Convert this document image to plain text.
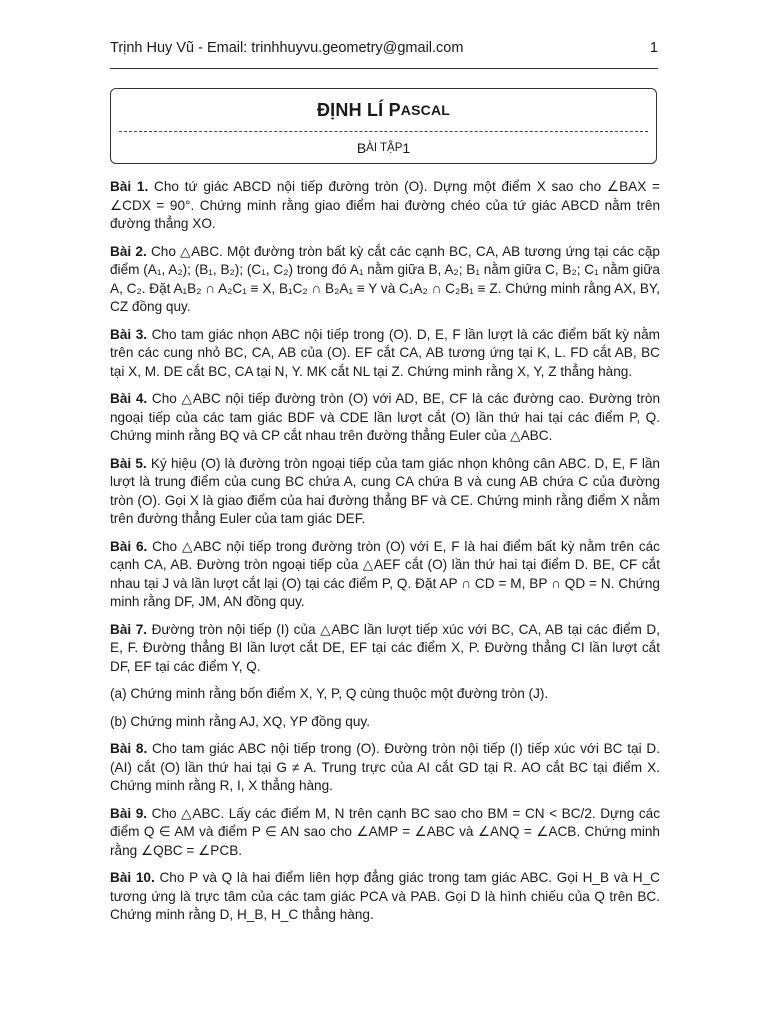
Trịnh Huy Vũ - Email: trinhhuyvu.geometry@gmail.com	1
ĐỊNH LÍ P ASCAL
B ÀI TẬP 1

Bài 1. Cho tứ giác ABCD nội tiếp đường tròn (O). Dựng một điểm X sao cho ∠BAX = ∠CDX = 90°. Chứng minh rằng giao điểm hai đường chéo của tứ giác ABCD nằm trên đường thẳng XO.

Bài 2. Cho △ABC. Một đường tròn bất kỳ cắt các cạnh BC, CA, AB tương ứng tại các cặp điểm (A₁, A₂); (B₁, B₂); (C₁, C₂) trong đó A₁ nằm giữa B, A₂; B₁ nằm giữa C, B₂; C₁ nằm giữa A, C₂. Đặt A₁B₂ ∩ A₂C₁ ≡ X, B₁C₂ ∩ B₂A₁ ≡ Y và C₁A₂ ∩ C₂B₁ ≡ Z. Chứng minh rằng AX, BY, CZ đồng quy.

Bài 3. Cho tam giác nhọn ABC nội tiếp trong (O). D, E, F lần lượt là các điểm bất kỳ nằm trên các cung nhỏ BC, CA, AB của (O). EF cắt CA, AB tương ứng tại K, L. FD cắt AB, BC tại X, M. DE cắt BC, CA tại N, Y. MK cắt NL tại Z. Chứng minh rằng X, Y, Z thẳng hàng.

Bài 4. Cho △ABC nội tiếp đường tròn (O) với AD, BE, CF là các đường cao. Đường tròn ngoại tiếp của các tam giác BDF và CDE lần lượt cắt (O) lần thứ hai tại các điểm P, Q. Chứng minh rằng BQ và CP cắt nhau trên đường thẳng Euler của △ABC.

Bài 5. Ký hiệu (O) là đường tròn ngoại tiếp của tam giác nhọn không cân ABC. D, E, F lần lượt là trung điểm của cung BC chứa A, cung CA chứa B và cung AB chứa C của đường tròn (O). Gọi X là giao điểm của hai đường thẳng BF và CE. Chứng minh rằng điểm X nằm trên đường thẳng Euler của tam giác DEF.

Bài 6. Cho △ABC nội tiếp trong đường tròn (O) với E, F là hai điểm bất kỳ nằm trên các cạnh CA, AB. Đường tròn ngoại tiếp của △AEF cắt (O) lần thứ hai tại điểm D. BE, CF cắt nhau tại J và lần lượt cắt lại (O) tại các điểm P, Q. Đặt AP ∩ CD = M, BP ∩ QD = N. Chứng minh rằng DF, JM, AN đồng quy.

Bài 7. Đường tròn nội tiếp (I) của △ABC lần lượt tiếp xúc với BC, CA, AB tại các điểm D, E, F. Đường thẳng BI lần lượt cắt DE, EF tại các điểm X, P. Đường thẳng CI lần lượt cắt DF, EF tại các điểm Y, Q.

(a) Chứng minh rằng bốn điểm X, Y, P, Q cùng thuộc một đường tròn (J).

(b) Chứng minh rằng AJ, XQ, YP đồng quy.

Bài 8. Cho tam giác ABC nội tiếp trong (O). Đường tròn nội tiếp (I) tiếp xúc với BC tại D. (AI) cắt (O) lần thứ hai tại G ≠ A. Trung trực của AI cắt GD tại R. AO cắt BC tại điểm X. Chứng minh rằng R, I, X thẳng hàng.

Bài 9. Cho △ABC. Lấy các điểm M, N trên cạnh BC sao cho BM = CN < BC/2. Dựng các điểm Q ∈ AM và điểm P ∈ AN sao cho ∠AMP = ∠ABC và ∠ANQ = ∠ACB. Chứng minh rằng ∠QBC = ∠PCB.

Bài 10. Cho P và Q là hai điểm liên hợp đẳng giác trong tam giác ABC. Gọi H_B và H_C tương ứng là trực tâm của các tam giác PCA và PAB. Gọi D là hình chiếu của Q trên BC. Chứng minh rằng D, H_B, H_C thẳng hàng.
